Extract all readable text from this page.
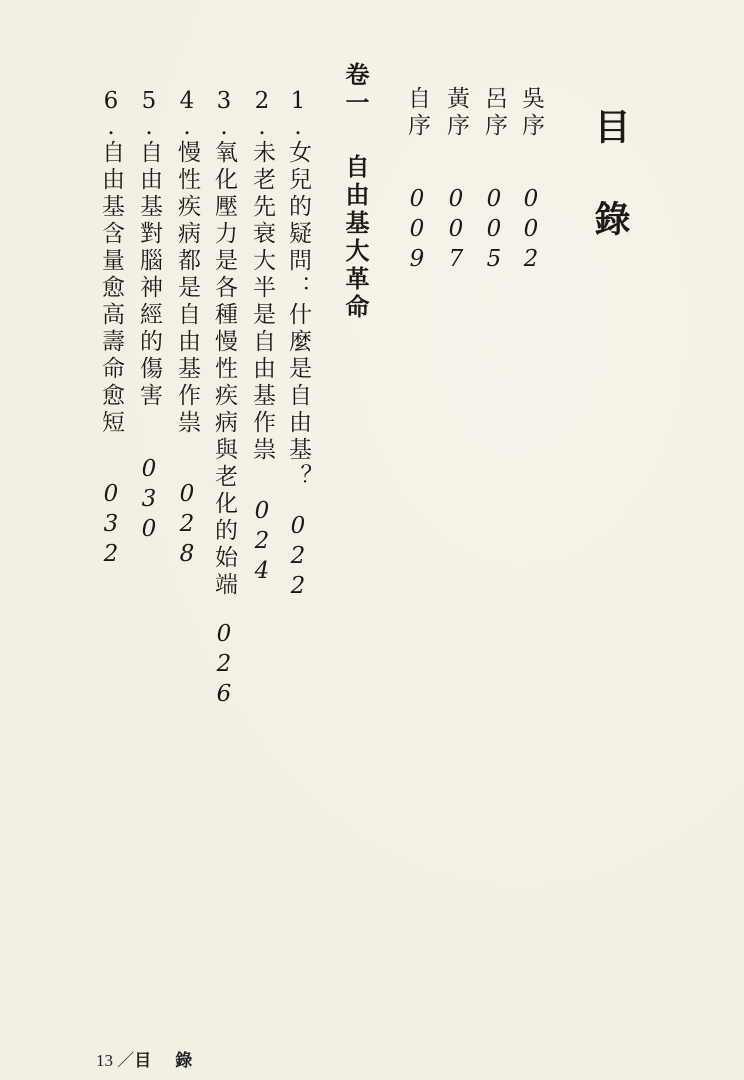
目錄
吳序002
呂序005
黃序007
自序009
卷一自由基大革命
1.女兒的疑問：什麼是自由基？022
2.未老先衰大半是自由基作祟024
3.氧化壓力是各種慢性疾病與老化的始端026
4.慢性疾病都是自由基作祟028
5.自由基對腦神經的傷害030
6.自由基含量愈高壽命愈短032
13 ／目錄
